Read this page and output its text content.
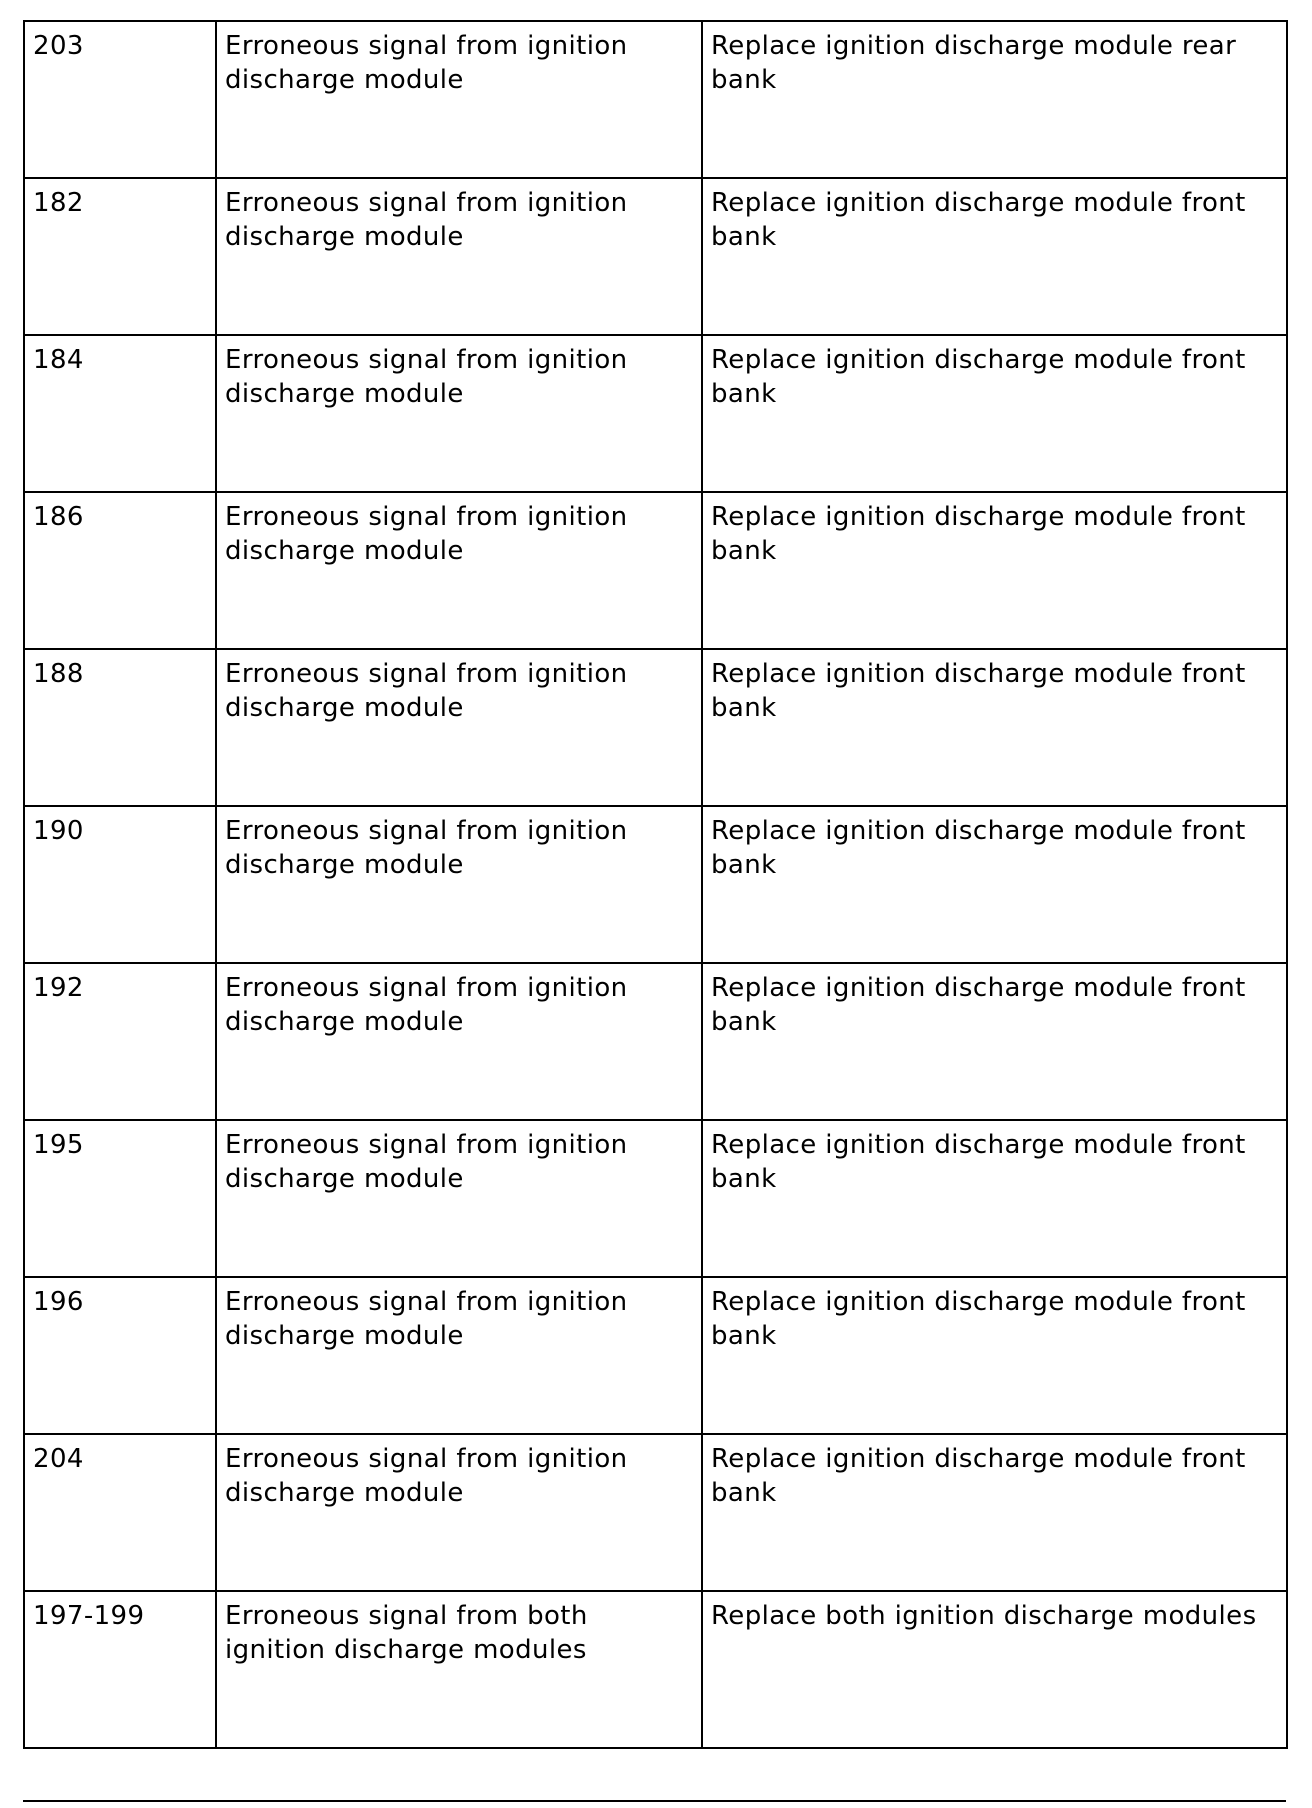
203	Erroneous signal from ignition discharge module	Replace ignition discharge module rear bank
182	Erroneous signal from ignition discharge module	Replace ignition discharge module front bank
184	Erroneous signal from ignition discharge module	Replace ignition discharge module front bank
186	Erroneous signal from ignition discharge module	Replace ignition discharge module front bank
188	Erroneous signal from ignition discharge module	Replace ignition discharge module front bank
190	Erroneous signal from ignition discharge module	Replace ignition discharge module front bank
192	Erroneous signal from ignition discharge module	Replace ignition discharge module front bank
195	Erroneous signal from ignition discharge module	Replace ignition discharge module front bank
196	Erroneous signal from ignition discharge module	Replace ignition discharge module front bank
204	Erroneous signal from ignition discharge module	Replace ignition discharge module front bank
197-199	Erroneous signal from both ignition discharge modules	Replace both ignition discharge modules
